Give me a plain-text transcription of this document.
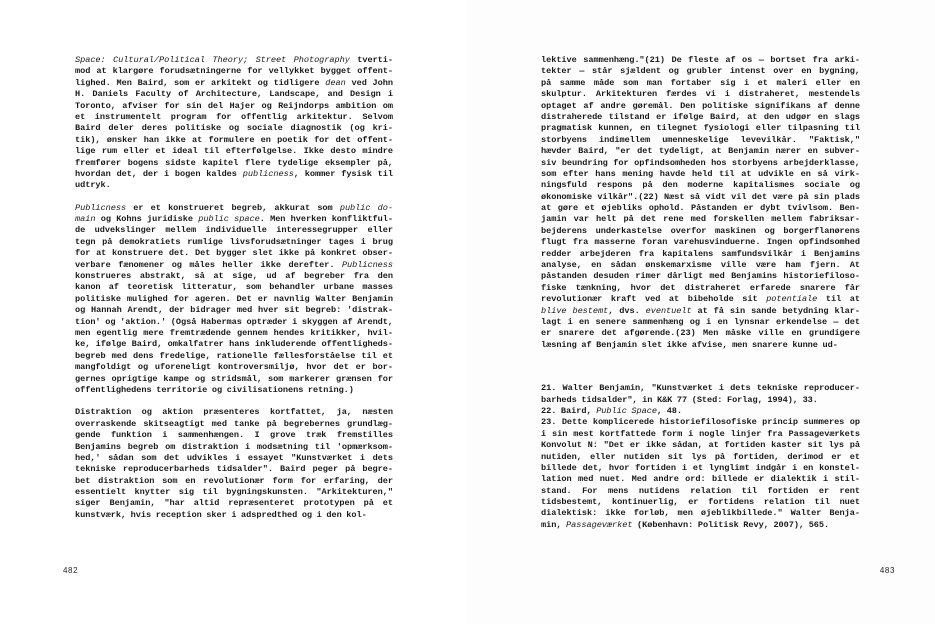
Space: Cultural/Political Theory; Street Photography tverti-
mod at klargøre forudsætningerne for vellykket bygget offent-
lighed. Men Baird, som er arkitekt og tidligere dean ved John
H. Daniels Faculty of Architecture, Landscape, and Design i
Toronto, afviser for sin del Hajer og Reijndorps ambition om
et instrumentelt program for offentlig arkitektur. Selvom
Baird deler deres politiske og sociale diagnostik (og kri-
tik), ønsker han ikke at formulere en poetik for det offent-
lige rum eller et ideal til efterfølgelse. Ikke desto mindre
fremfører bogens sidste kapitel flere tydelige eksempler på,
hvordan det, der i bogen kaldes publicness, kommer fysisk til
udtryk.
Publicness er et konstrueret begreb, akkurat som public do-
main og Kohns juridiske public space. Men hverken konfliktful-
de udvekslinger mellem individuelle interessegrupper eller
tegn på demokratiets rumlige livsforudsætninger tages i brug
for at konstruere det. Det bygger slet ikke på konkret obser-
verbare fænomener og måles heller ikke derefter. Publicness
konstrueres abstrakt, så at sige, ud af begreber fra den
kanon af teoretisk litteratur, som behandler urbane masses
politiske mulighed for ageren. Det er navnlig Walter Benjamin
og Hannah Arendt, der bidrager med hver sit begreb: 'distrak-
tion' og 'aktion.' (Også Habermas optræder i skyggen af Arendt,
men egentlig mere fremtrædende gennem hendes kritikker, hvil-
ke, ifølge Baird, omkalfatrer hans inkluderende offentligheds-
begreb med dens fredelige, rationelle fællesforståelse til et
mangfoldigt og uforeneligt kontroversmiljø, hvor det er bor-
gernes oprigtige kampe og stridsmål, som markerer grænsen for
offentlighedens territorie og civilisationens retning.)
Distraktion og aktion præsenteres kortfattet, ja, næsten
overraskende skitseagtigt med tanke på begrebernes grundlæg-
gende funktion i sammenhængen. I grove træk fremstilles
Benjamins begreb om distraktion i modsætning til 'opmærksom-
hed,' sådan som det udvikles i essayet "Kunstværket i dets
tekniske reproducerbarheds tidsalder". Baird peger på begre-
bet distraktion som en revolutionær form for erfaring, der
essentielt knytter sig til bygningskunsten. "Arkitekturen,"
siger Benjamin, "har altid repræsenteret prototypen på et
kunstværk, hvis reception sker i adspredthed og i den kol-
482
lektive sammenhæng."(21) De fleste af os — bortset fra arki-
tekter — står sjældent og grubler intenst over en bygning,
på samme måde som man fortaber sig i et maleri eller en
skulptur. Arkitekturen færdes vi i distraheret, mestendels
optaget af andre gøremål. Den politiske signifikans af denne
distraherede tilstand er ifølge Baird, at den udgør en slags
pragmatisk kunnen, en tilegnet fysiologi eller tilpasning til
storbyens indimellem umenneskelige levevilkår. "Faktisk,"
hævder Baird, "er det tydeligt, at Benjamin nærer en subver-
siv beundring for opfindsomheden hos storbyens arbejderklasse,
som efter hans mening havde held til at udvikle en så virk-
ningsfuld respons på den moderne kapitalismes sociale og
økonomiske vilkår".(22) Næst så vidt vil det være på sin plads
at gøre et øjebliks ophold. Påstanden er dybt tvivlsom. Ben-
jamin var helt på det rene med forskellen mellem fabriksar-
bejderens underkastelse overfor maskinen og borgerflanørens
flugt fra masserne foran varehusvinduerne. Ingen opfindsomhed
redder arbejderen fra kapitalens samfundsvilkår i Benjamins
analyse, en sådan ønskemarxisme ville være ham fjern. At
påstanden desuden rimer dårligt med Benjamins historiefiloso-
fiske tænkning, hvor det distraheret erfarede snarere får
revolutionær kraft ved at bibeholde sit potentiale til at
blive bestemt, dvs. eventuelt at få sin sande betydning klar-
lagt i en senere sammenhæng og i en lynsnar erkendelse — det
er snarere det afgørende.(23) Men måske ville en grundigere
læsning af Benjamin slet ikke afvise, men snarere kunne ud-
21. Walter Benjamin, "Kunstværket i dets tekniske reproducer-
barheds tidsalder", in K&K 77 (Sted: Forlag, 1994), 33.
22. Baird, Public Space, 48.
23. Dette komplicerede historiefilosofiske princip summeres op
i sin mest kortfattede form i nogle linjer fra Passageværkets
Konvolut N: "Det er ikke sådan, at fortiden kaster sit lys på
nutiden, eller nutiden sit lys på fortiden, derimod er et
billede det, hvor fortiden i et lynglimt indgår i en konstel-
lation med nuet. Med andre ord: billede er dialektik i stil-
stand. For mens nutidens relation til fortiden er rent
tidsbestemt, kontinuerlig, er fortidens relation til nuet
dialektisk: ikke forløb, men øjeblikbillede." Walter Benja-
min, Passageværket (København: Politisk Revy, 2007), 565.
483
